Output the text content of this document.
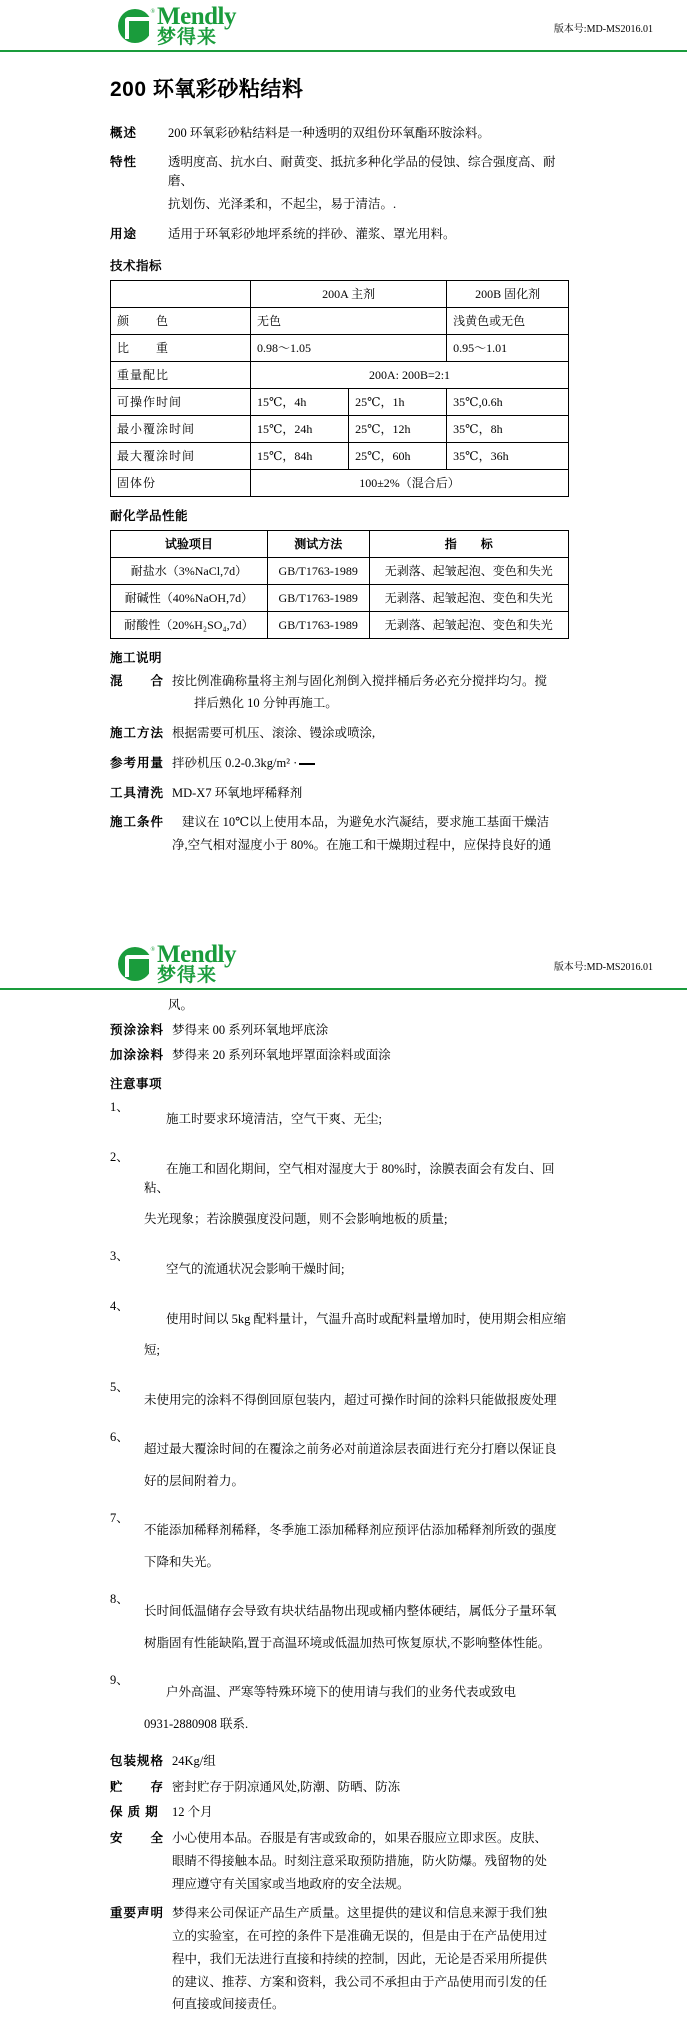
® Mendly
梦得来	版本号:MD-MS2016.01
200 环氧彩砂粘结料
概述	200 环氧彩砂粘结料是一种透明的双组份环氧酯环胺涂料。

特性	透明度高、抗水白、耐黄变、抵抗多种化学品的侵蚀、综合强度高、耐磨、

抗划伤、光泽柔和，不起尘，易于清洁。.

用途	适用于环氧彩砂地坪系统的拌砂、灌浆、罩光用料。

技术指标
	200A 主剂		200B 固化剂
颜　　色	无色		浅黄色或无色
比　　重	0.98～1.05		0.95～1.01
重量配比	200A: 200B=2:1		
可操作时间	15℃，4h	25℃，1h	35℃,0.6h
最小覆涂时间	15℃，24h	25℃，12h	35℃，8h
最大覆涂时间	15℃，84h	25℃，60h	35℃，36h
固体份	100±2%（混合后）		
耐化学品性能
试验项目	测试方法	指　　标
耐盐水（3%NaCl,7d）	GB/T1763-1989	无剥落、起皱起泡、变色和失光
耐碱性（40%NaOH,7d）	GB/T1763-1989	无剥落、起皱起泡、变色和失光
耐酸性（20%H₂SO₄,7d）	GB/T1763-1989	无剥落、起皱起泡、变色和失光
施工说明
混　　合 按比例准确称量将主剂与固化剂倒入搅拌桶后务必充分搅拌均匀。搅

拌后熟化 10 分钟再施工。

施工方法 根据需要可机压、滚涂、镘涂或喷涂,

参考用量 拌砂机压 0.2-0.3kg/m² ·

工具清洗 MD-X7 环氧地坪稀释剂

施工条件	建议在 10℃以上使用本品，为避免水汽凝结，要求施工基面干燥洁

净,空气相对湿度小于 80%。在施工和干燥期过程中，应保持良好的通

® Mendly
梦得来	版本号:MD-MS2016.01

风。

预涂涂料 梦得来 00 系列环氧地坪底涂
加涂涂料 梦得来 20 系列环氧地坪罩面涂料或面涂
注意事项
1、

施工时要求环境清洁，空气干爽、无尘;

2、

在施工和固化期间，空气相对湿度大于 80%时，涂膜表面会有发白、回粘、

失光现象；若涂膜强度没问题，则不会影响地板的质量;

3、

空气的流通状况会影响干燥时间;

4、

使用时间以 5kg 配料量计，气温升高时或配料量增加时，使用期会相应缩

短;

5、

未使用完的涂料不得倒回原包装内，超过可操作时间的涂料只能做报废处理

6、

超过最大覆涂时间的在覆涂之前务必对前道涂层表面进行充分打磨以保证良

好的层间附着力。

7、

不能添加稀释剂稀释，冬季施工添加稀释剂应预评估添加稀释剂所致的强度

下降和失光。

8、

长时间低温储存会导致有块状结晶物出现或桶内整体硬结，属低分子量环氧

树脂固有性能缺陷,置于高温环境或低温加热可恢复原状,不影响整体性能。

9、

户外高温、严寒等特殊环境下的使用请与我们的业务代表或致电

0931-2880908 联系.

包装规格 24Kg/组
贮　　存 密封贮存于阴凉通风处,防潮、防晒、防冻
保 质 期	12 个月
安　　全 小心使用本品。吞服是有害或致命的，如果吞服应立即求医。皮肤、

眼睛不得接触本品。时刻注意采取预防措施，防火防爆。残留物的处

理应遵守有关国家或当地政府的安全法规。

重要声明 梦得来公司保证产品生产质量。这里提供的建议和信息来源于我们独

立的实验室，在可控的条件下是准确无误的，但是由于在产品使用过

程中，我们无法进行直接和持续的控制，因此，无论是否采用所提供

的建议、推荐、方案和资料，我公司不承担由于产品使用而引发的任

何直接或间接责任。
